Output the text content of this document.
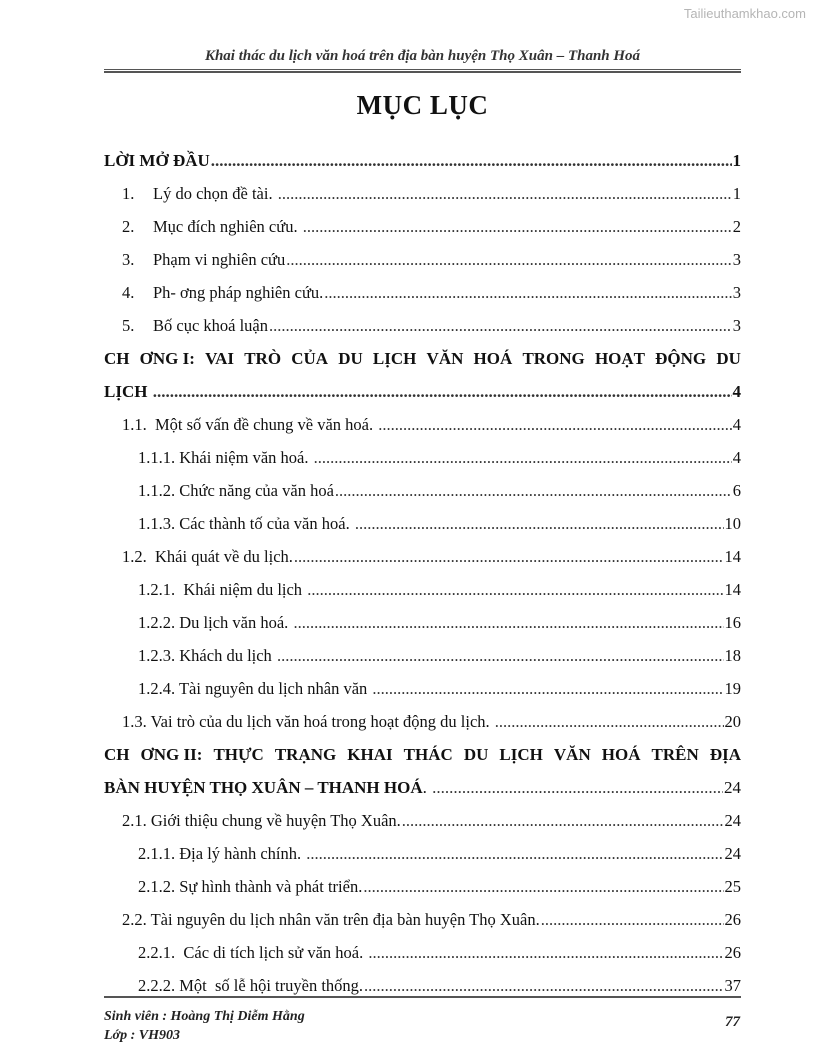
Tailieuthamkhao.com
Khai thác du lịch văn hoá trên địa bàn huyện Thọ Xuân – Thanh Hoá
MỤC LỤC
LỜI MỞ ĐẦU .....	1
1.	Lý do chọn đề tài. .....	1
2.	Mục đích nghiên cứu. .....	2
3.	Phạm vi nghiên cứu .....	3
4.	Ph- ơng pháp nghiên cứu. .....	3
5.	Bố cục khoá luận .....	3
CH ƠNG I: VAI TRÒ CỦA DU LỊCH VĂN HOÁ TRONG HOẠT ĐỘNG DU
LỊCH .....	4
1.1.  Một số vấn đề chung về văn hoá. .....	4
1.1.1. Khái niệm văn hoá. .....	4
1.1.2. Chức năng của văn hoá .....	6
1.1.3. Các thành tố của văn hoá. .....	10
1.2.  Khái quát về du lịch. .....	14
1.2.1.  Khái niệm du lịch .....	14
1.2.2. Du lịch văn hoá. .....	16
1.2.3. Khách du lịch .....	18
1.2.4. Tài nguyên du lịch nhân văn .....	19
1.3. Vai trò của du lịch văn hoá trong hoạt động du lịch. .....	20
CH ƠNG II: THỰC TRẠNG KHAI THÁC DU LỊCH VĂN HOÁ TRÊN ĐỊA
BÀN HUYỆN THỌ XUÂN – THANH HOÁ . .....	24
2.1. Giới thiệu chung về huyện Thọ Xuân. .....	24
2.1.1. Địa lý hành chính. .....	24
2.1.2. Sự hình thành và phát triển. .....	25
2.2. Tài nguyên du lịch nhân văn trên địa bàn huyện Thọ Xuân. .....	26
2.2.1.  Các di tích lịch sử văn hoá. .....	26
2.2.2. Một  số lễ hội truyền thống. .....	37
Sinh viên : Hoàng Thị Diễm Hằng
Lớp : VH903
77
